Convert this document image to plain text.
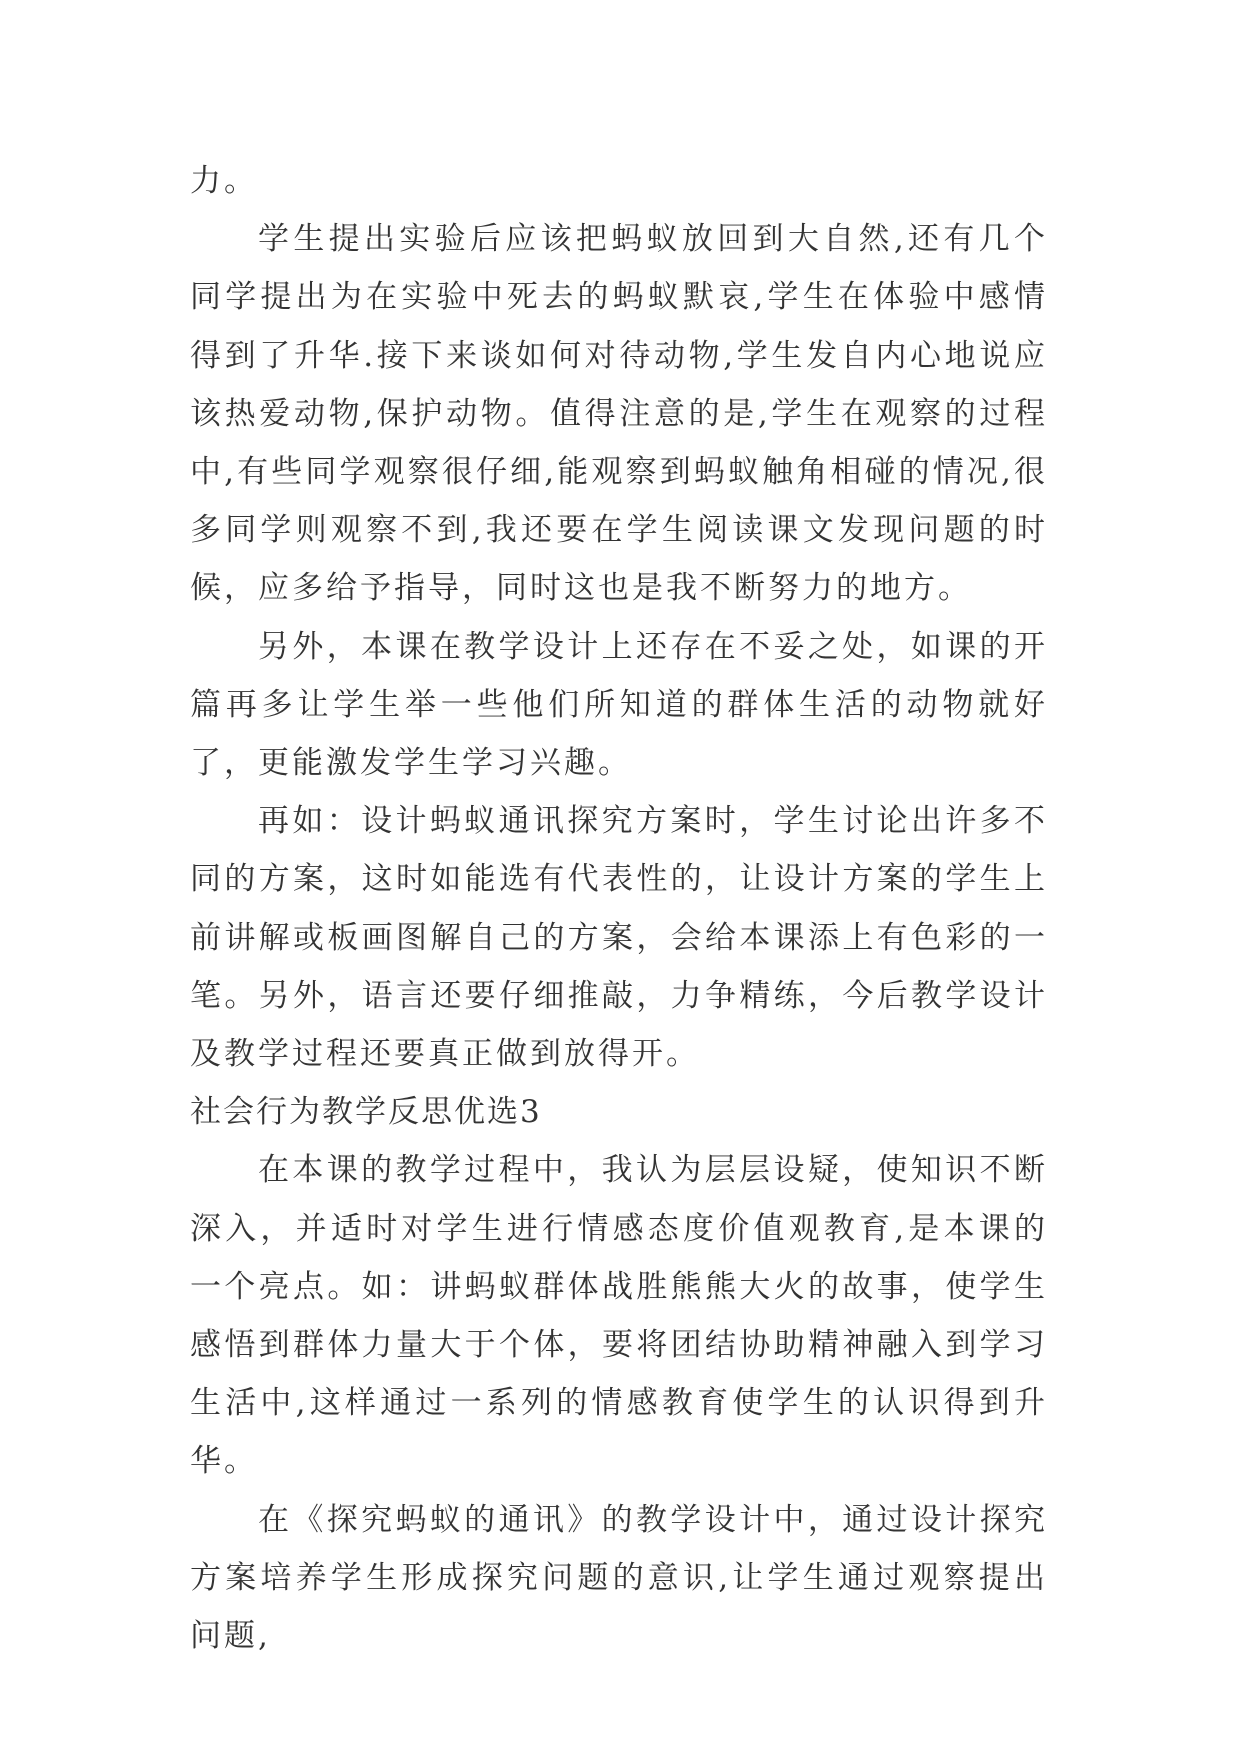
力。

学生提出实验后应该把蚂蚁放回到大自然,还有几个同学提出为在实验中死去的蚂蚁默哀,学生在体验中感情得到了升华.接下来谈如何对待动物,学生发自内心地说应该热爱动物,保护动物。值得注意的是,学生在观察的过程中,有些同学观察很仔细,能观察到蚂蚁触角相碰的情况,很多同学则观察不到,我还要在学生阅读课文发现问题的时候，应多给予指导，同时这也是我不断努力的地方。

另外，本课在教学设计上还存在不妥之处，如课的开篇再多让学生举一些他们所知道的群体生活的动物就好了，更能激发学生学习兴趣。

再如：设计蚂蚁通讯探究方案时，学生讨论出许多不同的方案，这时如能选有代表性的，让设计方案的学生上前讲解或板画图解自己的方案，会给本课添上有色彩的一笔。另外，语言还要仔细推敲，力争精练，今后教学设计及教学过程还要真正做到放得开。

社会行为教学反思优选3

在本课的教学过程中，我认为层层设疑，使知识不断深入，并适时对学生进行情感态度价值观教育,是本课的一个亮点。如：讲蚂蚁群体战胜熊熊大火的故事，使学生感悟到群体力量大于个体，要将团结协助精神融入到学习生活中,这样通过一系列的情感教育使学生的认识得到升华。

在《探究蚂蚁的通讯》的教学设计中，通过设计探究方案培养学生形成探究问题的意识,让学生通过观察提出问题,
